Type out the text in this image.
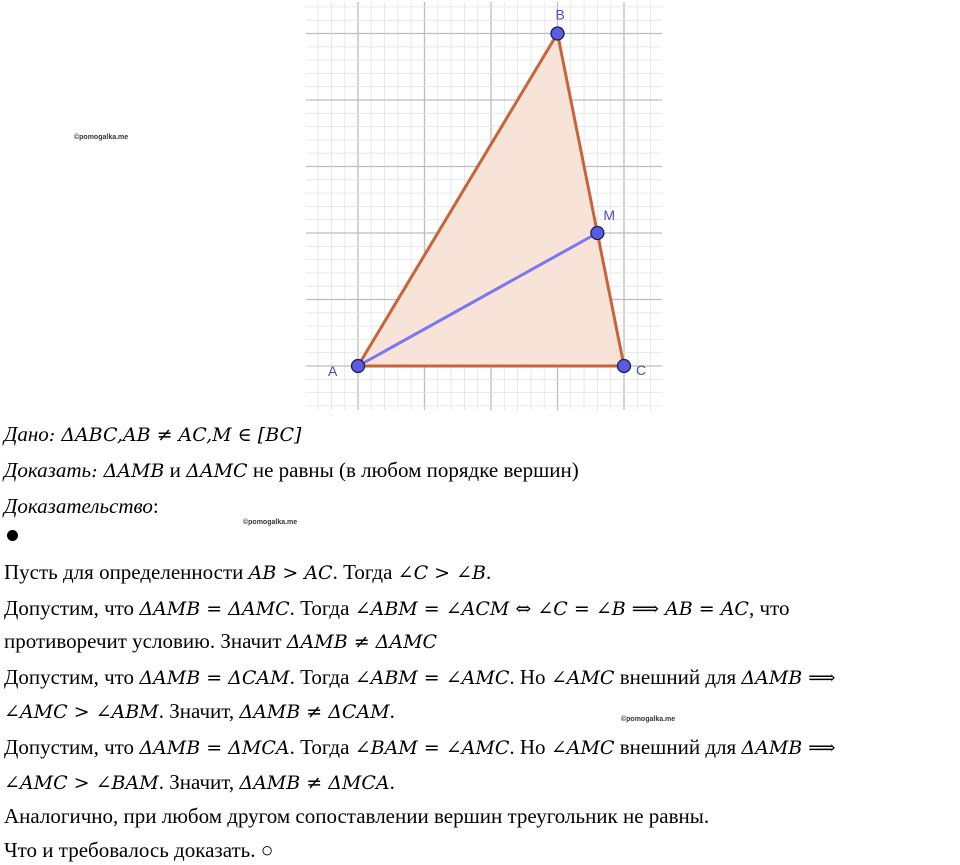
A
B
C
M
©pomogalka.me
©pomogalka.me
©pomogalka.me
Дано: ΔABC,AB ≠ AC,M ∈ [BC]
Доказать: ΔAMB и ΔAMC не равны (в любом порядке вершин)
Доказательство:
Пусть для определенности AB > AC. Тогда ∠C > ∠B.
Допустим, что ΔAMB = ΔAMC. Тогда ∠ABM = ∠ACM ⇔ ∠C = ∠B ⟹ AB = AC, что
противоречит условию. Значит ΔAMB ≠ ΔAMC
Допустим, что ΔAMB = ΔCAM. Тогда ∠ABM = ∠AMC. Но ∠AMC внешний для ΔAMB ⟹
∠AMC > ∠ABM. Значит, ΔAMB ≠ ΔCAM.
Допустим, что ΔAMB = ΔMCA. Тогда ∠BAM = ∠AMC. Но ∠AMC внешний для ΔAMB ⟹
∠AMC > ∠BAM. Значит, ΔAMB ≠ ΔMCA.
Аналогично, при любом другом сопоставлении вершин треугольник не равны.
Что и требовалось доказать. ○
